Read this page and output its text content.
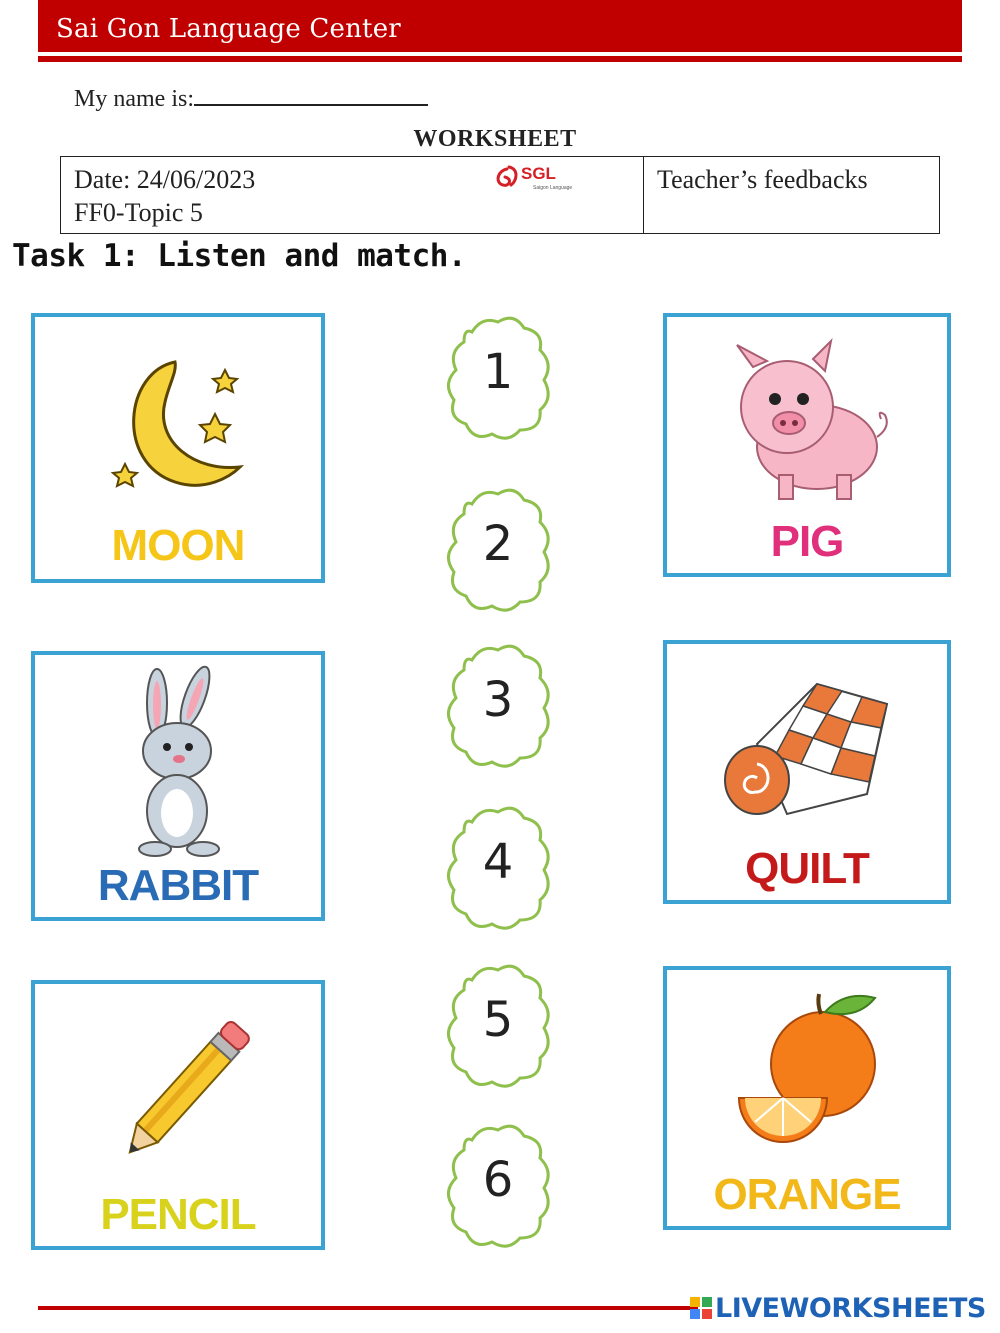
Sai Gon Language Center
My name is:
WORKSHEET
Date: 24/06/2023
FF0-Topic 5
SGL
Saigon Language	Teacher’s feedbacks
Task 1: Listen and match.
MOON
RABBIT
PENCIL
PIG
QUILT
ORANGE
1
2
3
4
5
6
LIVEWORKSHEETS
